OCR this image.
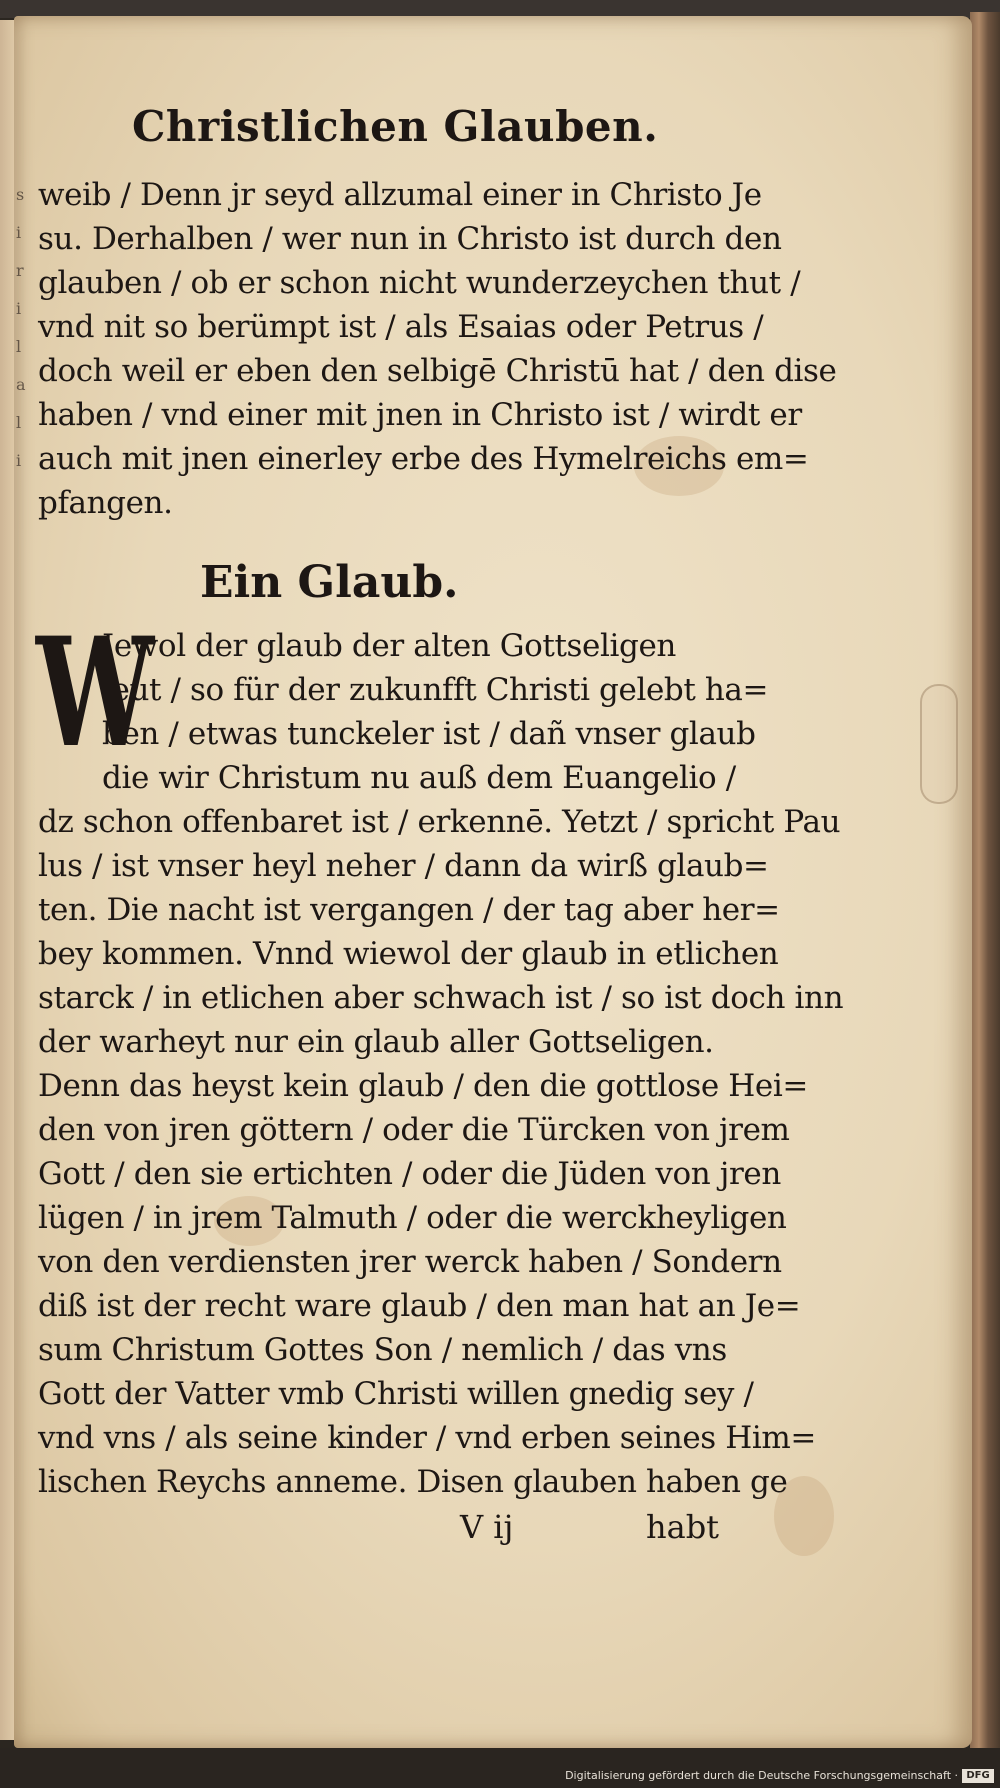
s
i
r
i
l
a
l
i
Christlichen Glauben.
weib / Denn jr seyd allzumal einer in Christo Je
su. Derhalben / wer nun in Christo ist durch den
glauben / ob er schon nicht wunderzeychen thut /
vnd nit so berümpt ist / als Esaias oder Petrus /
doch weil er eben den selbigē Christū hat / den dise
haben / vnd einer mit jnen in Christo ist / wirdt er
auch mit jnen einerley erbe des Hymelreichs em=
pfangen.
Ein Glaub.
W
Iewol der glaub der alten Gottseligen
leut / so für der zukunfft Christi gelebt ha=
ben / etwas tunckeler ist / dañ vnser glaub
die wir Christum nu auß dem Euangelio /
dz schon offenbaret ist / erkennē. Yetzt / spricht Pau
lus / ist vnser heyl neher / dann da wirß glaub=
ten. Die nacht ist vergangen / der tag aber her=
bey kommen. Vnnd wiewol der glaub in etlichen
starck / in etlichen aber schwach ist / so ist doch inn
der warheyt nur ein glaub aller Gottseligen.
Denn das heyst kein glaub / den die gottlose Hei=
den von jren göttern / oder die Türcken von jrem
Gott / den sie ertichten / oder die Jüden von jren
lügen / in jrem Talmuth / oder die werckheyligen
von den verdiensten jrer werck haben / Sondern
diß ist der recht ware glaub / den man hat an Je=
sum Christum Gottes Son / nemlich / das vns
Gott der Vatter vmb Christi willen gnedig sey /
vnd vns / als seine kinder / vnd erben seines Him=
lischen Reychs anneme. Disen glauben haben ge
V ij	habt
Digitalisierung gefördert durch die Deutsche Forschungsgemeinschaft · DFG
